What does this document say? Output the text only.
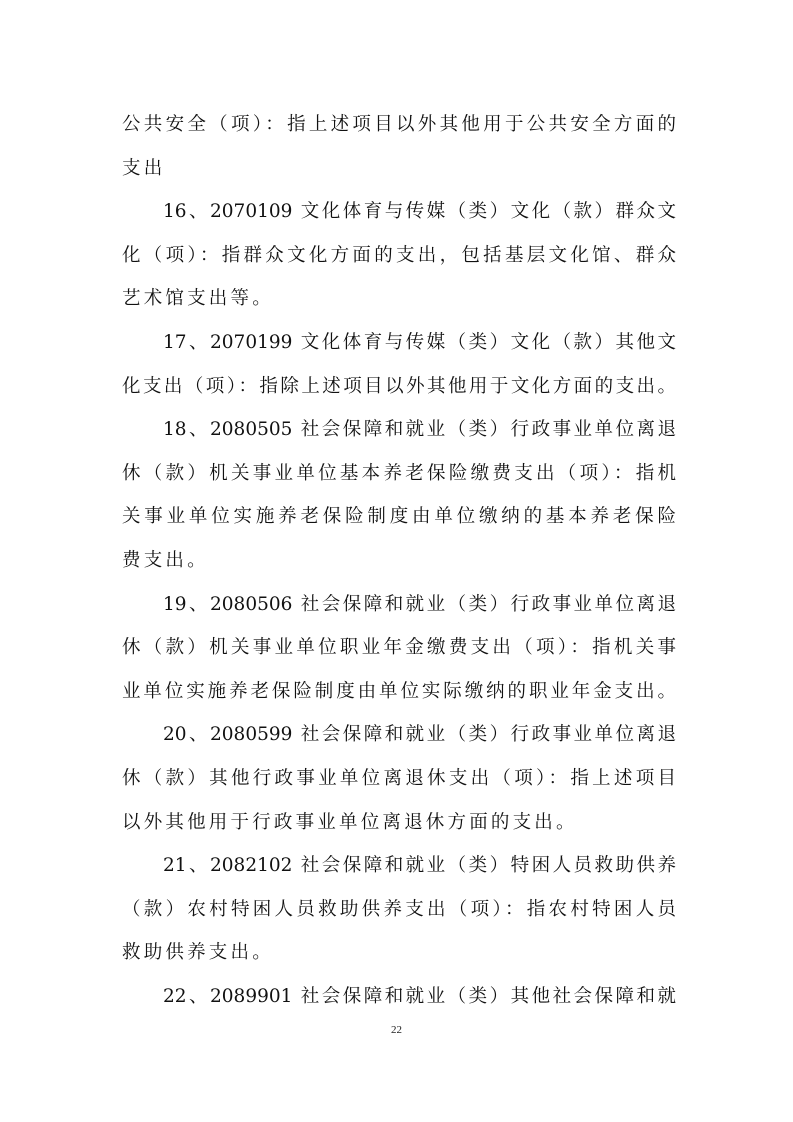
公共安全（项）：指上述项目以外其他用于公共安全方面的
支出
16、2070109 文化体育与传媒（类）文化（款）群众文
化（项）：指群众文化方面的支出，包括基层文化馆、群众
艺术馆支出等。
17、2070199 文化体育与传媒（类）文化（款）其他文
化支出（项）：指除上述项目以外其他用于文化方面的支出。
18、2080505 社会保障和就业（类）行政事业单位离退
休（款）机关事业单位基本养老保险缴费支出（项）：指机
关事业单位实施养老保险制度由单位缴纳的基本养老保险
费支出。
19、2080506 社会保障和就业（类）行政事业单位离退
休（款）机关事业单位职业年金缴费支出（项）：指机关事
业单位实施养老保险制度由单位实际缴纳的职业年金支出。
20、2080599 社会保障和就业（类）行政事业单位离退
休（款）其他行政事业单位离退休支出（项）：指上述项目
以外其他用于行政事业单位离退休方面的支出。
21、2082102 社会保障和就业（类）特困人员救助供养
（款）农村特困人员救助供养支出（项）：指农村特困人员
救助供养支出。
22、2089901 社会保障和就业（类）其他社会保障和就
22
